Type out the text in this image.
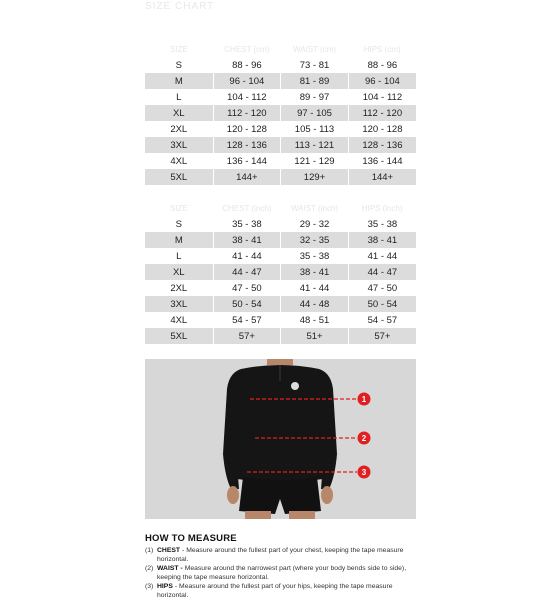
SIZE CHART
SIZE	CHEST (cm)	WAIST (cm)	HIPS (cm)
S	88 - 96	73 - 81	88 - 96
M	96 - 104	81 - 89	96 - 104
L	104 - 112	89 - 97	104 - 112
XL	112 - 120	97 - 105	112 - 120
2XL	120 - 128	105 - 113	120 - 128
3XL	128 - 136	113 - 121	128 - 136
4XL	136 - 144	121 - 129	136 - 144
5XL	144+	129+	144+
SIZE	CHEST (inch)	WAIST (inch)	HIPS (inch)
S	35 - 38	29 - 32	35 - 38
M	38 - 41	32 - 35	38 - 41
L	41 - 44	35 - 38	41 - 44
XL	44 - 47	38 - 41	44 - 47
2XL	47 - 50	41 - 44	47 - 50
3XL	50 - 54	44 - 48	50 - 54
4XL	54 - 57	48 - 51	54 - 57
5XL	57+	51+	57+
1
2
3
HOW TO MEASURE
(1) CHEST - Measure around the fullest part of your chest, keeping the tape measure horizontal.
(2) WAIST - Measure around the narrowest part (where your body bends side to side), keeping the tape measure horizontal.
(3) HIPS - Measure around the fullest part of your hips, keeping the tape measure horizontal.
